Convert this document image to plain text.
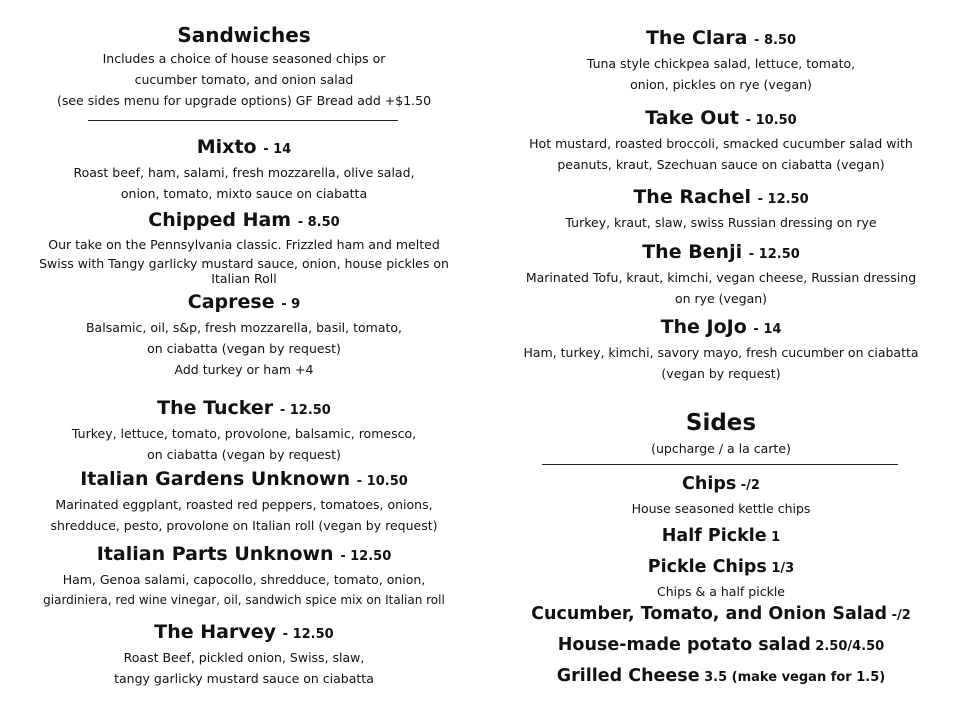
Sandwiches
Includes a choice of house seasoned chips or
cucumber tomato, and onion salad
(see sides menu for upgrade options) GF Bread add +$1.50
Mixto - 14
Roast beef, ham, salami, fresh mozzarella, olive salad,
onion, tomato, mixto sauce on ciabatta
Chipped Ham - 8.50
Our take on the Pennsylvania classic. Frizzled ham and melted
Swiss with Tangy garlicky mustard sauce, onion, house pickles on
Italian Roll
Caprese - 9
Balsamic, oil, s&p, fresh mozzarella, basil, tomato,
on ciabatta (vegan by request)
Add turkey or ham +4
The Tucker - 12.50
Turkey, lettuce, tomato, provolone, balsamic, romesco,
on ciabatta (vegan by request)
Italian Gardens Unknown - 10.50
Marinated eggplant, roasted red peppers, tomatoes, onions,
shredduce, pesto, provolone on Italian roll (vegan by request)
Italian Parts Unknown - 12.50
Ham, Genoa salami, capocollo, shredduce, tomato, onion,
giardiniera, red wine vinegar, oil, sandwich spice mix on Italian roll
The Harvey - 12.50
Roast Beef, pickled onion, Swiss, slaw,
tangy garlicky mustard sauce on ciabatta
The Clara - 8.50
Tuna style chickpea salad, lettuce, tomato,
onion, pickles on rye (vegan)
Take Out - 10.50
Hot mustard, roasted broccoli, smacked cucumber salad with
peanuts, kraut, Szechuan sauce on ciabatta (vegan)
The Rachel - 12.50
Turkey, kraut, slaw, swiss Russian dressing on rye
The Benji - 12.50
Marinated Tofu, kraut, kimchi, vegan cheese, Russian dressing
on rye (vegan)
The JoJo - 14
Ham, turkey, kimchi, savory mayo, fresh cucumber on ciabatta
(vegan by request)
Sides
(upcharge / a la carte)
Chips -/2
House seasoned kettle chips
Half Pickle 1
Pickle Chips 1/3
Chips & a half pickle
Cucumber, Tomato, and Onion Salad -/2
House-made potato salad 2.50/4.50
Grilled Cheese 3.5 (make vegan for 1.5)
